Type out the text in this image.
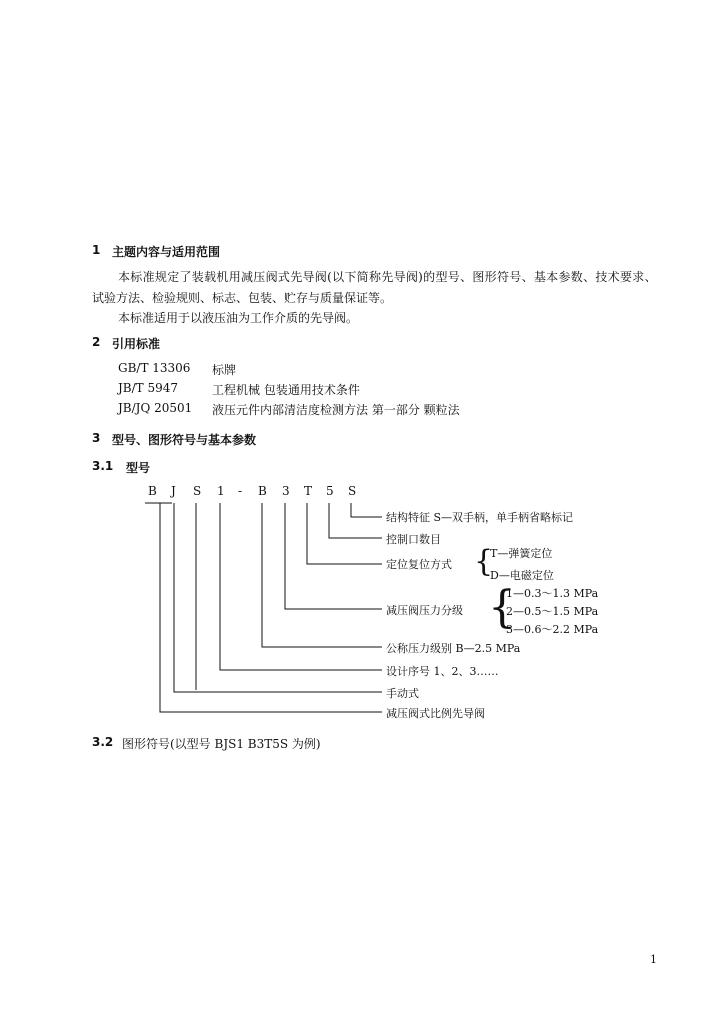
1 主题内容与适用范围
本标准规定了装载机用减压阀式先导阀(以下简称先导阀)的型号、图形符号、基本参数、技术要求、
试验方法、检验规则、标志、包装、贮存与质量保证等。
本标准适用于以液压油为工作介质的先导阀。
2 引用标准
GB/T 13306 标牌
JB/T 5947	工程机械 包装通用技术条件
JB/JQ 20501 液压元件内部清洁度检测方法 第一部分 颗粒法
3 型号、图形符号与基本参数
3.1 型号
B J S 1 - B 3 T 5 S
结构特征 S—双手柄，单手柄省略标记
控制口数目
定位复位方式 {
T—弹簧定位
D—电磁定位
减压阀压力分级 {
1—0.3～1.3 MPa
2—0.5～1.5 MPa
3—0.6～2.2 MPa
公称压力级别 B—2.5 MPa
设计序号 1、2、3……
手动式
减压阀式比例先导阀
3.2 图形符号(以型号 BJS1 B3T5S 为例)
1
